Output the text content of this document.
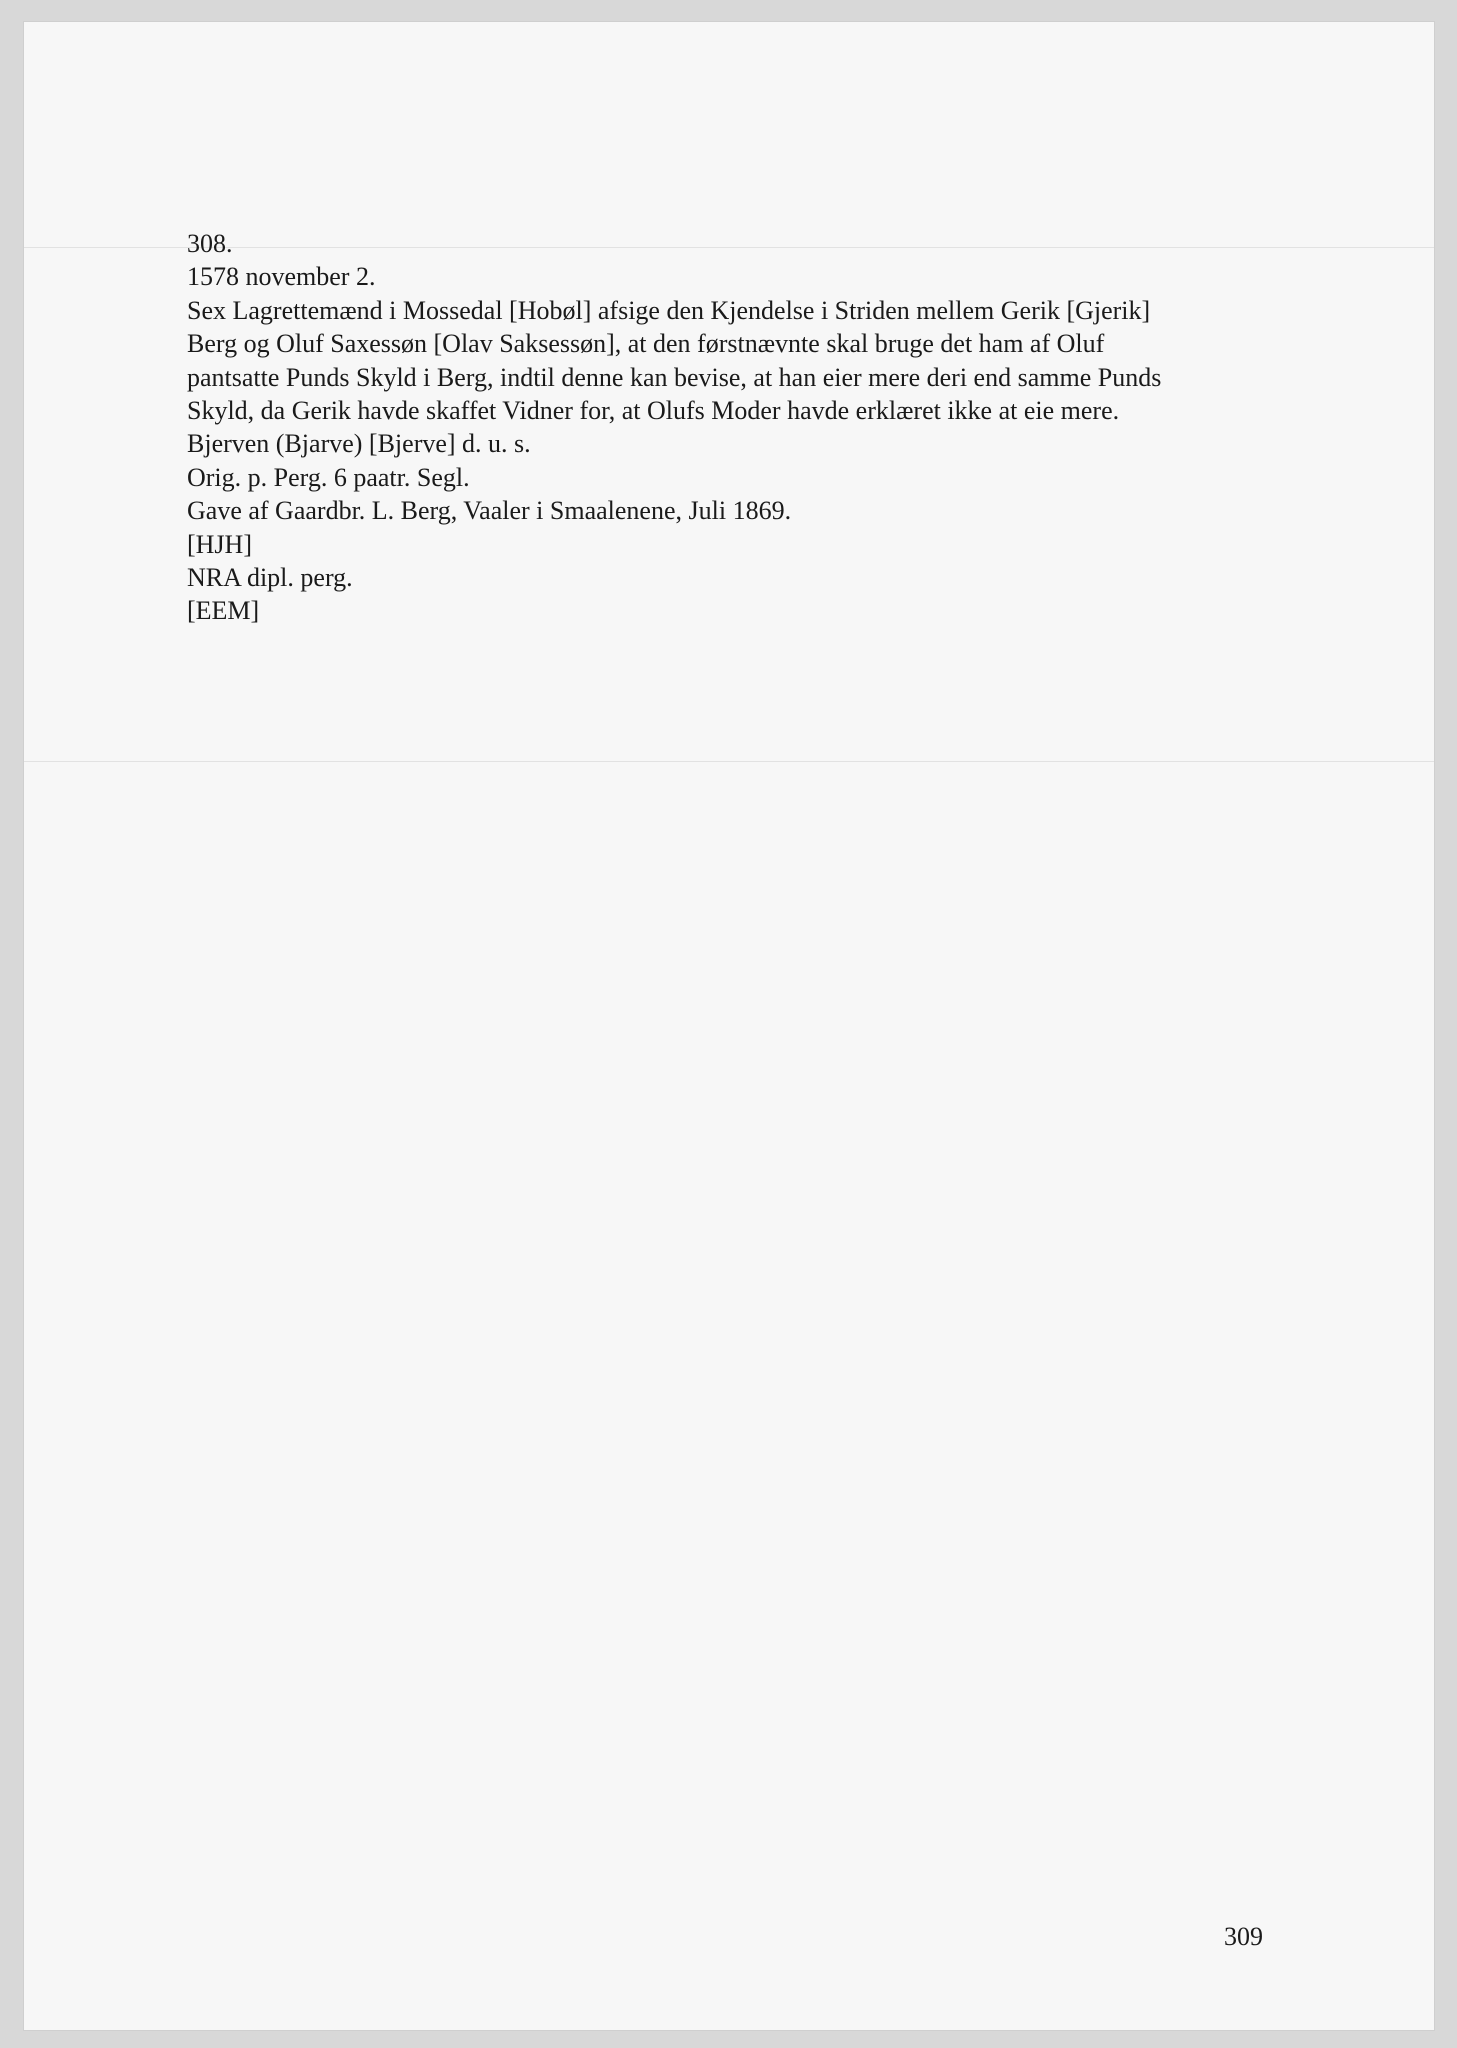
308.
1578 november 2.
Sex Lagrettemænd i Mossedal [Hobøl] afsige den Kjendelse i Striden mellem Gerik [Gjerik]
Berg og Oluf Saxessøn [Olav Saksessøn], at den førstnævnte skal bruge det ham af Oluf
pantsatte Punds Skyld i Berg, indtil denne kan bevise, at han eier mere deri end samme Punds
Skyld, da Gerik havde skaffet Vidner for, at Olufs Moder havde erklæret ikke at eie mere.
Bjerven (Bjarve) [Bjerve] d. u. s.
Orig. p. Perg. 6 paatr. Segl.
Gave af Gaardbr. L. Berg, Vaaler i Smaalenene, Juli 1869.
[HJH]
NRA dipl. perg.
[EEM]
309
